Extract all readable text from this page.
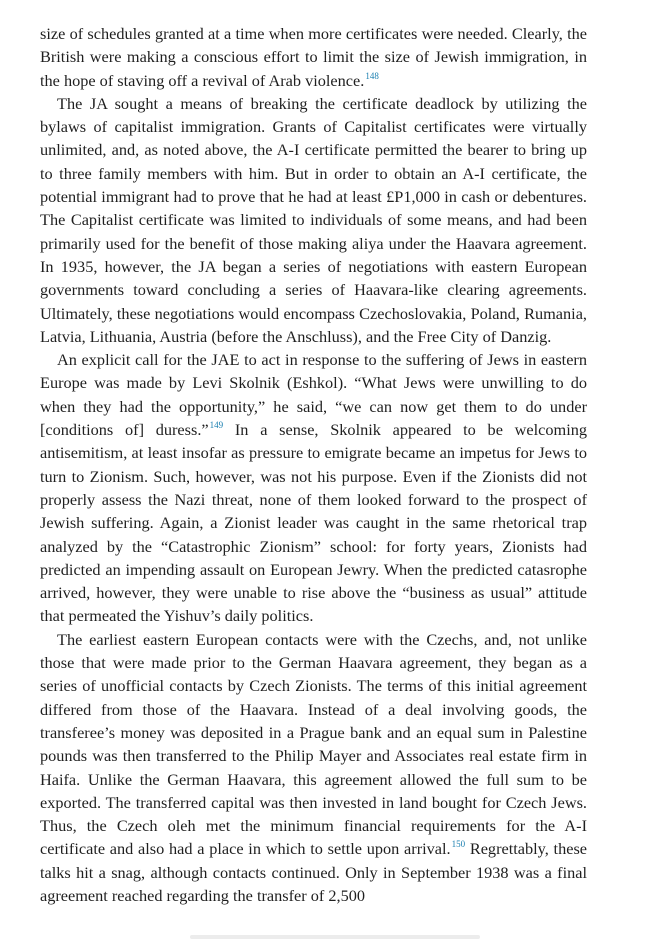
size of schedules granted at a time when more certificates were needed. Clearly, the British were making a conscious effort to limit the size of Jewish immigration, in the hope of staving off a revival of Arab violence.$^{148}$

The JA sought a means of breaking the certificate deadlock by utilizing the bylaws of capitalist immigration. Grants of Capitalist certificates were virtually unlimited, and, as noted above, the A-I certificate permitted the bearer to bring up to three family members with him. But in order to obtain an A-I certificate, the potential immigrant had to prove that he had at least £P1,000 in cash or debentures. The Capitalist certificate was limited to individuals of some means, and had been primarily used for the benefit of those making aliya under the Haavara agreement. In 1935, however, the JA began a series of negotiations with eastern European governments toward concluding a series of Haavara-like clearing agreements. Ultimately, these negotiations would encompass Czechoslovakia, Poland, Rumania, Latvia, Lithuania, Austria (before the Anschluss), and the Free City of Danzig.

An explicit call for the JAE to act in response to the suffering of Jews in eastern Europe was made by Levi Skolnik (Eshkol). “What Jews were unwilling to do when they had the opportunity,” he said, “we can now get them to do under [conditions of] duress.”$^{149}$ In a sense, Skolnik appeared to be welcoming antisemitism, at least insofar as pressure to emigrate became an impetus for Jews to turn to Zionism. Such, however, was not his purpose. Even if the Zionists did not properly assess the Nazi threat, none of them looked forward to the prospect of Jewish suffering. Again, a Zionist leader was caught in the same rhetorical trap analyzed by the “Catastrophic Zionism” school: for forty years, Zionists had predicted an impending assault on European Jewry. When the predicted catasrophe arrived, however, they were unable to rise above the “business as usual” attitude that permeated the Yishuv’s daily politics.

The earliest eastern European contacts were with the Czechs, and, not unlike those that were made prior to the German Haavara agreement, they began as a series of unofficial contacts by Czech Zionists. The terms of this initial agreement differed from those of the Haavara. Instead of a deal involving goods, the transferee’s money was deposited in a Prague bank and an equal sum in Palestine pounds was then transferred to the Philip Mayer and Associates real estate firm in Haifa. Unlike the German Haavara, this agreement allowed the full sum to be exported. The transferred capital was then invested in land bought for Czech Jews. Thus, the Czech oleh met the minimum financial requirements for the A-I certificate and also had a place in which to settle upon arrival.$^{150}$ Regrettably, these talks hit a snag, although contacts continued. Only in September 1938 was a final agreement reached regarding the transfer of 2,500
